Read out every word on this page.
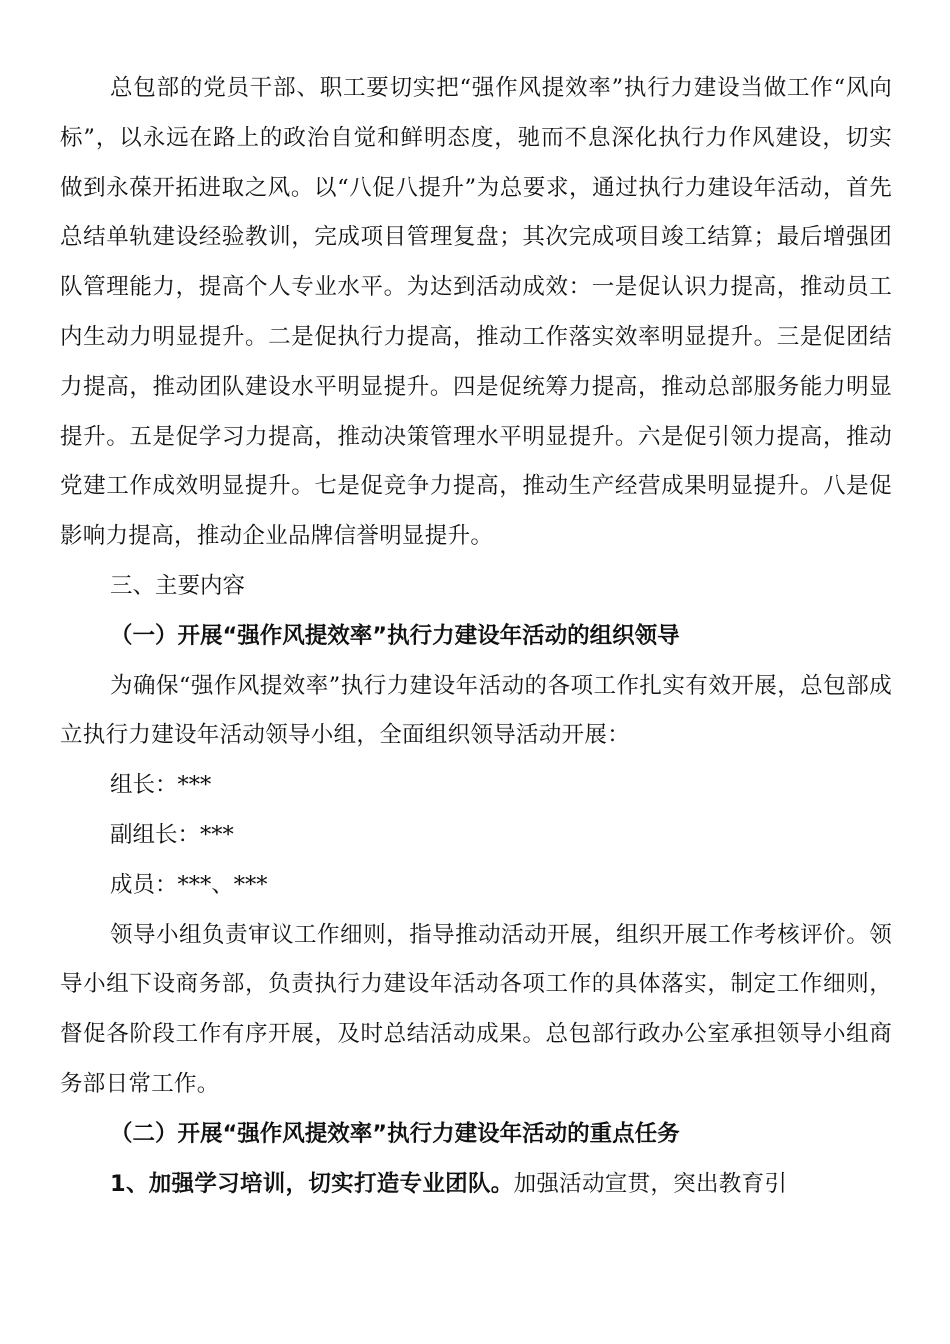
总包部的党员干部、职工要切实把“强作风提效率”执行力建设当做工作“风向标”，以永远在路上的政治自觉和鲜明态度，驰而不息深化执行力作风建设，切实做到永葆开拓进取之风。以“八促八提升”为总要求，通过执行力建设年活动，首先总结单轨建设经验教训，完成项目管理复盘；其次完成项目竣工结算；最后增强团队管理能力，提高个人专业水平。为达到活动成效：一是促认识力提高，推动员工内生动力明显提升。二是促执行力提高，推动工作落实效率明显提升。三是促团结力提高，推动团队建设水平明显提升。四是促统筹力提高，推动总部服务能力明显提升。五是促学习力提高，推动决策管理水平明显提升。六是促引领力提高，推动党建工作成效明显提升。七是促竞争力提高，推动生产经营成果明显提升。八是促影响力提高，推动企业品牌信誉明显提升。

三、主要内容

（一）开展“强作风提效率”执行力建设年活动的组织领导

为确保“强作风提效率”执行力建设年活动的各项工作扎实有效开展，总包部成立执行力建设年活动领导小组，全面组织领导活动开展：

组长：***

副组长：***

成员：***、***

领导小组负责审议工作细则，指导推动活动开展，组织开展工作考核评价。领导小组下设商务部，负责执行力建设年活动各项工作的具体落实，制定工作细则，督促各阶段工作有序开展，及时总结活动成果。总包部行政办公室承担领导小组商务部日常工作。

（二）开展“强作风提效率”执行力建设年活动的重点任务

1、加强学习培训，切实打造专业团队。加强活动宣贯，突出教育引
